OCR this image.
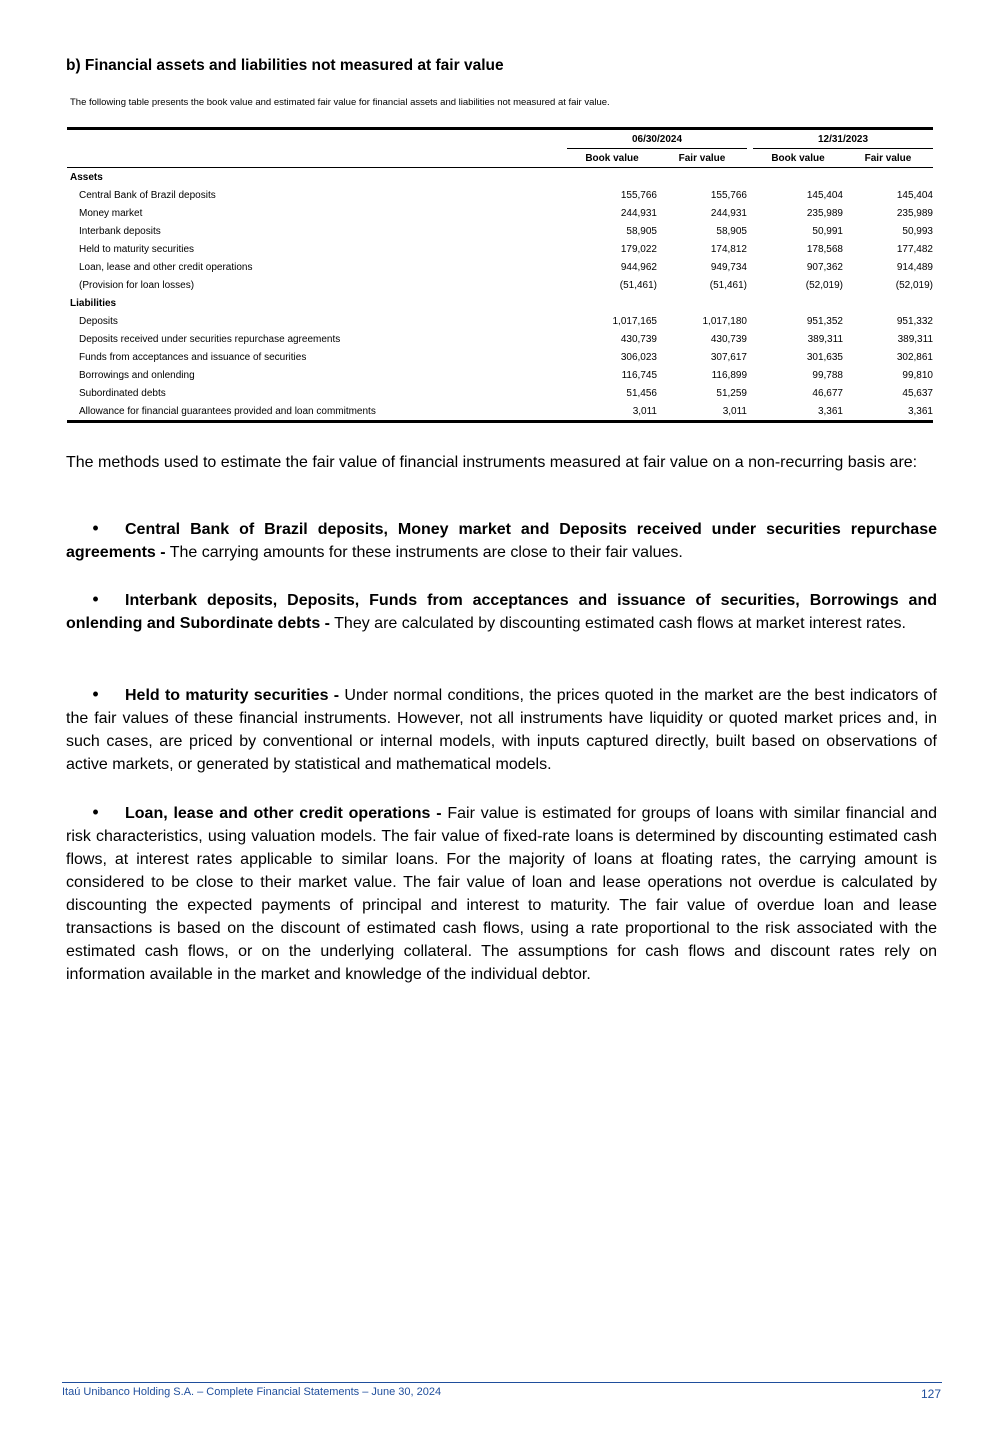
b) Financial assets and liabilities not measured at fair value

The following table presents the book value and estimated fair value for financial assets and liabilities not measured at fair value.

	06/30/2024			12/31/2023	
	Book value	Fair value		Book value	Fair value
Assets					
Central Bank of Brazil deposits	155,766	155,766		145,404	145,404
Money market	244,931	244,931		235,989	235,989
Interbank deposits	58,905	58,905		50,991	50,993
Held to maturity securities	179,022	174,812		178,568	177,482
Loan, lease and other credit operations	944,962	949,734		907,362	914,489
(Provision for loan losses)	(51,461)	(51,461)		(52,019)	(52,019)
Liabilities					
Deposits	1,017,165	1,017,180		951,352	951,332
Deposits received under securities repurchase agreements	430,739	430,739		389,311	389,311
Funds from acceptances and issuance of securities	306,023	307,617		301,635	302,861
Borrowings and onlending	116,745	116,899		99,788	99,810
Subordinated debts	51,456	51,259		46,677	45,637
Allowance for financial guarantees provided and loan commitments	3,011	3,011		3,361	3,361

The methods used to estimate the fair value of financial instruments measured at fair value on a non-recurring basis are:

• Central Bank of Brazil deposits, Money market and Deposits received under securities repurchase agreements - The carrying amounts for these instruments are close to their fair values.

• Interbank deposits, Deposits, Funds from acceptances and issuance of securities, Borrowings and onlending and Subordinate debts - They are calculated by discounting estimated cash flows at market interest rates.

• Held to maturity securities - Under normal conditions, the prices quoted in the market are the best indicators of the fair values of these financial instruments. However, not all instruments have liquidity or quoted market prices and, in such cases, are priced by conventional or internal models, with inputs captured directly, built based on observations of active markets, or generated by statistical and mathematical models.

• Loan, lease and other credit operations - Fair value is estimated for groups of loans with similar financial and risk characteristics, using valuation models. The fair value of fixed-rate loans is determined by discounting estimated cash flows, at interest rates applicable to similar loans. For the majority of loans at floating rates, the carrying amount is considered to be close to their market value. The fair value of loan and lease operations not overdue is calculated by discounting the expected payments of principal and interest to maturity. The fair value of overdue loan and lease transactions is based on the discount of estimated cash flows, using a rate proportional to the risk associated with the estimated cash flows, or on the underlying collateral. The assumptions for cash flows and discount rates rely on information available in the market and knowledge of the individual debtor.

Itaú Unibanco Holding S.A. – Complete Financial Statements – June 30, 2024	127
